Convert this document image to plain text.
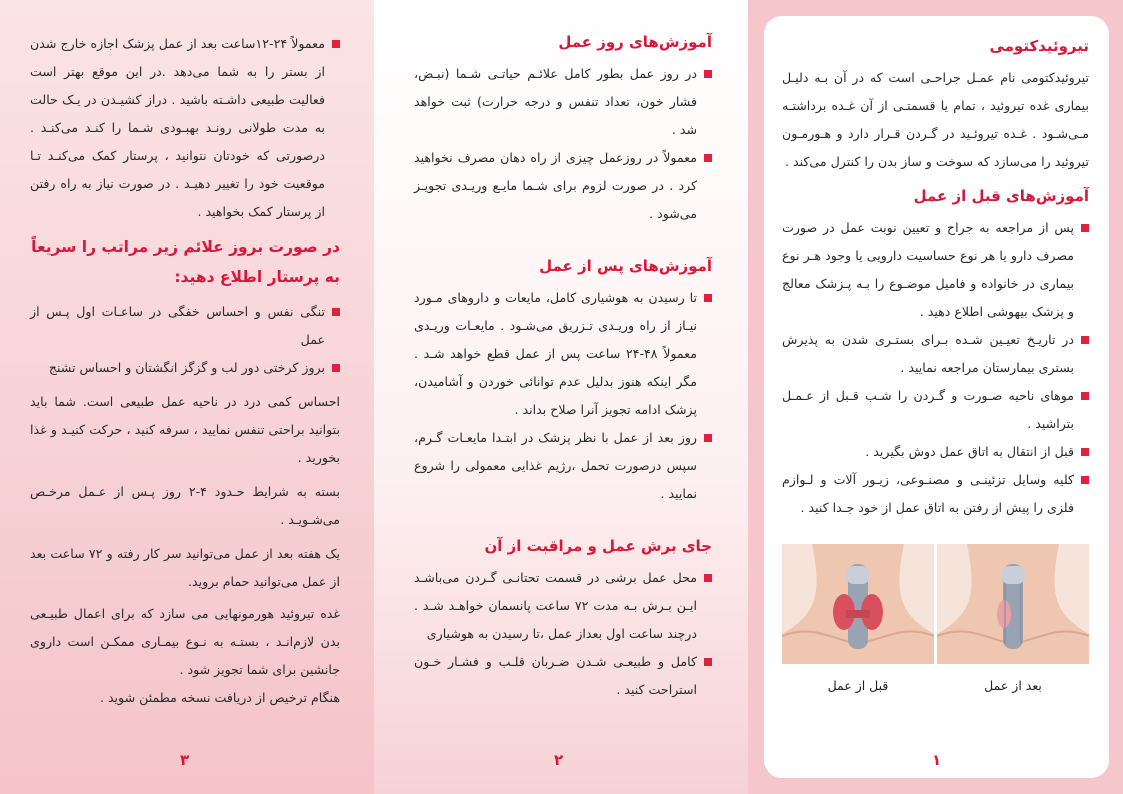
معمولاً ۲۴-۱۲ساعت بعد از عمل پزشک اجازه خارج شدن از بستر را به شما می‌دهد .در این موقع بهتر است فعالیت طبیعی داشـته باشید . دراز کشیـدن در یـک حالت به مدت طولانی رونـد بهبـودی شـما را کنـد می‌کنـد . درصورتی که خودتان نتوانید ، پرستار کمک می‌کنـد تـا موقعیت خود را تغییر دهیـد . در صورت نیاز به راه رفتن از پرستار کمک بخواهید .
در صورت بروز علائم زیر مراتب را سریعاً به پرستار اطلاع دهید:
تنگی نفس و احساس خفگی در ساعـات اول پـس از عمل
بروز کرختی دور لب و گزگز انگشتان و احساس تشنج

احساس کمی درد در ناحیه عمل طبیعی است. شما باید بتوانید براحتی تنفس نمایید ، سرفه کنید ، حرکت کنیـد و غذا بخورید .

بسته به شرایط حـدود ۴-۲ روز پـس از عـمل مرخـص می‌شـویـد .

یک هفته بعد از عمل می‌توانید سر کار رفته و ۷۲ ساعت بعد از عمل می‌توانید حمام بروید.

غده تیروئید هورمونهایی می سازد که برای اعمال طبیـعی بدن لازم‌انـد ، بستـه به نـوع بیمـاری ممکـن است داروی جانشین برای شما تجویز شود .

هنگام ترخیص از دریافت نسخه مطمئن شوید .

۳
آموزش‌های روز عمل
در روز عمل بطور کامل علائـم حیاتـی شـما (نبـض، فشار خون، تعداد تنفس و درجه حرارت) ثبت خواهد شد .
معمولاً در روزعمل چیزی از راه دهان مصرف نخواهید کرد . در صورت لزوم برای شـما مایـع وریـدی تجویـز می‌شود .
آموزش‌های پس از عمل
تا رسیدن به هوشیاری کامل، مایعات و داروهای مـورد نیـاز از راه وریـدی تـزریق می‌شـود . مایعـات وریـدی معمولاً ۴۸-۲۴ ساعت پس از عمل قطع خواهد شـد . مگر اینکه هنوز بدلیل عدم توانائی خوردن و آشامیدن، پزشک ادامه تجویز آنرا صلاح بداند .
روز بعد از عمل با نظر پزشک در ابتـدا مایعـات گـرم، سپس درصورت تحمل ،رژیم غذایی معمولی را شروع نمایید .
جای برش عمل و مراقبت از آن
محل عمل برشی در قسمت تحتانـی گـردن می‌باشـد ایـن بـرش بـه مدت ۷۲ ساعت پانسمان خواهـد شـد . درچند ساعت اول بعداز عمل ،تا رسیدن به هوشیاری
کامل و طبیعـی شـدن ضـربان قلـب و فشـار خـون استراحت کنید .
۲
تیروئیدکتومی

تیروئیدکتومی نام عمـل جراحـی است که در آن بـه دلیـل بیماری غده تیروئید ، تمام یا قسمتـی از آن غـده برداشتـه مـی‌شـود . غـده تیروئـید در گـردن قـرار دارد و هـورمـون تیروئید را می‌سازد که سوخت و ساز بدن را کنترل می‌کند .

آموزش‌های قبل از عمل
پس از مراجعه به جراح و تعیین نوبت عمل در صورت مصرف دارو یا هر نوع حساسیت دارویی یا وجود هـر نوع بیماری در خانواده و فامیل موضـوع را بـه پـزشک معالج و پزشک بیهوشی اطلاع دهید .
در تاریـخ تعیـین شـده بـرای بستـری شدن به پذیرش بستری بیمارستان مراجعه نمایید .
موهای ناحیه صـورت و گـردن را شـب قـبل از عـمـل بتراشید .
قبل از انتقال به اتاق عمل دوش بگیرید .
کلیه وسایل تزئینـی و مصنـوعی، زیـور آلات و لـوازم فلزی را پیش از رفتن به اتاق عمل از خود جـدا کنید .
بعد از عمل
قبل از عمل
۱
